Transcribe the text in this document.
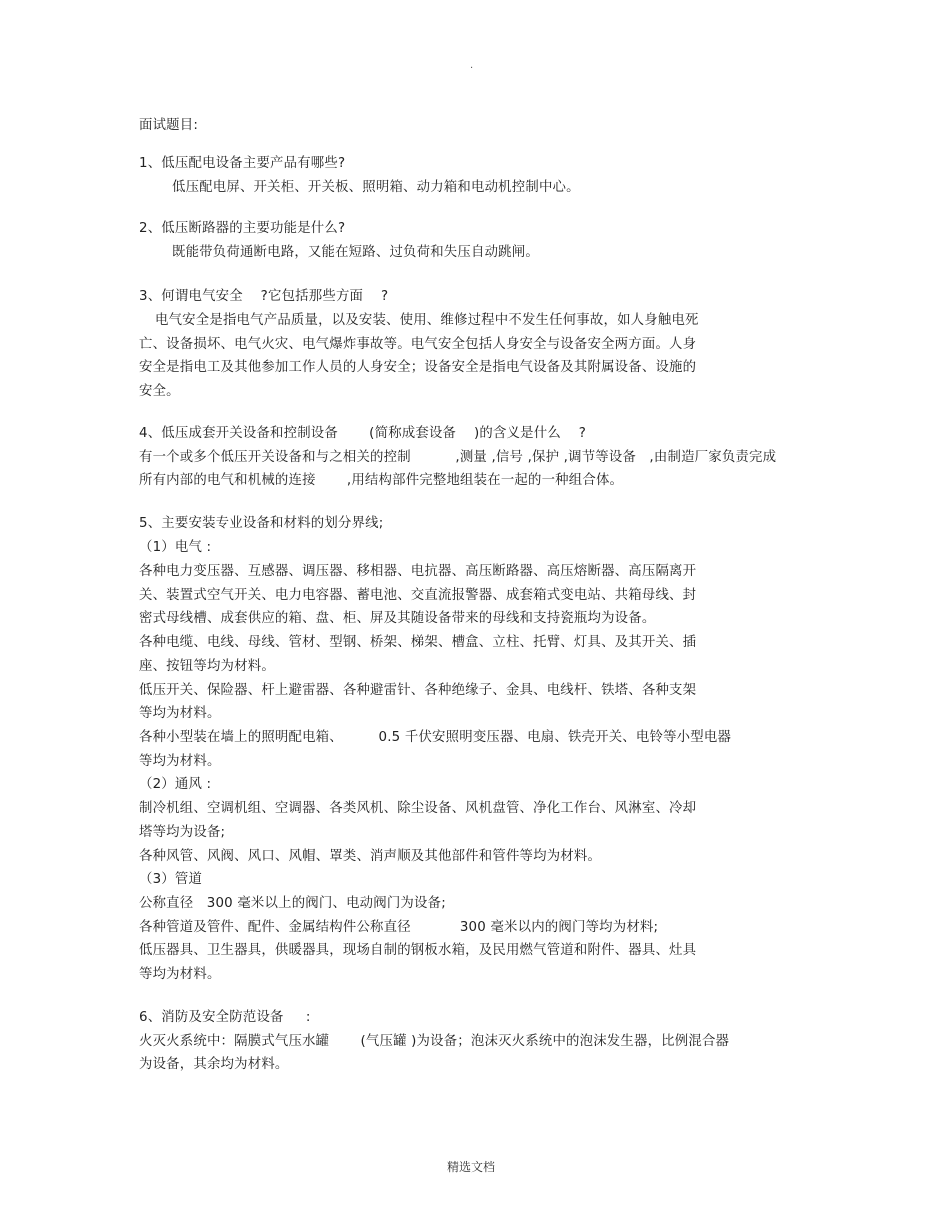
.
面试题目:
1、低压配电设备主要产品有哪些?
低压配电屏、开关柜、开关板、照明箱、动力箱和电动机控制中心。
2、低压断路器的主要功能是什么?
既能带负荷通断电路，又能在短路、过负荷和失压自动跳闸。
3、何谓电气安全    ?它包括那些方面    ?
电气安全是指电气产品质量，以及安装、使用、维修过程中不发生任何事故，如人身触电死
亡、设备损坏、电气火灾、电气爆炸事故等。电气安全包括人身安全与设备安全两方面。人身
安全是指电工及其他参加工作人员的人身安全；设备安全是指电气设备及其附属设备、设施的
安全。
4、低压成套开关设备和控制设备       (简称成套设备    )的含义是什么    ?
有一个或多个低压开关设备和与之相关的控制          ,测量 ,信号 ,保护 ,调节等设备   ,由制造厂家负责完成
所有内部的电气和机械的连接       ,用结构部件完整地组装在一起的一种组合体。
5、主要安装专业设备和材料的划分界线;
（1）电气 :
各种电力变压器、互感器、调压器、移相器、电抗器、高压断路器、高压熔断器、高压隔离开
关、装置式空气开关、电力电容器、蓄电池、交直流报警器、成套箱式变电站、共箱母线、封
密式母线槽、成套供应的箱、盘、柜、屏及其随设备带来的母线和支持瓷瓶均为设备。
各种电缆、电线、母线、管材、型钢、桥架、梯架、槽盒、立柱、托臂、灯具、及其开关、插
座、按钮等均为材料。
低压开关、保险器、杆上避雷器、各种避雷针、各种绝缘子、金具、电线杆、铁塔、各种支架
等均为材料。
各种小型装在墙上的照明配电箱、        0.5 千伏安照明变压器、电扇、铁壳开关、电铃等小型电器
等均为材料。
（2）通风 :
制冷机组、空调机组、空调器、各类风机、除尘设备、风机盘管、净化工作台、风淋室、冷却
塔等均为设备;
各种风管、风阀、风口、风帽、罩类、消声顺及其他部件和管件等均为材料。
（3）管道
公称直径   300 毫米以上的阀门、电动阀门为设备;
各种管道及管件、配件、金属结构件公称直径           300 毫米以内的阀门等均为材料;
低压器具、卫生器具，供暖器具，现场自制的钢板水箱，及民用燃气管道和附件、器具、灶具
等均为材料。
6、消防及安全防范设备     :
火灭火系统中：隔膜式气压水罐       (气压罐 )为设备；泡沫灭火系统中的泡沫发生器，比例混合器
为设备，其余均为材料。
精选文档
